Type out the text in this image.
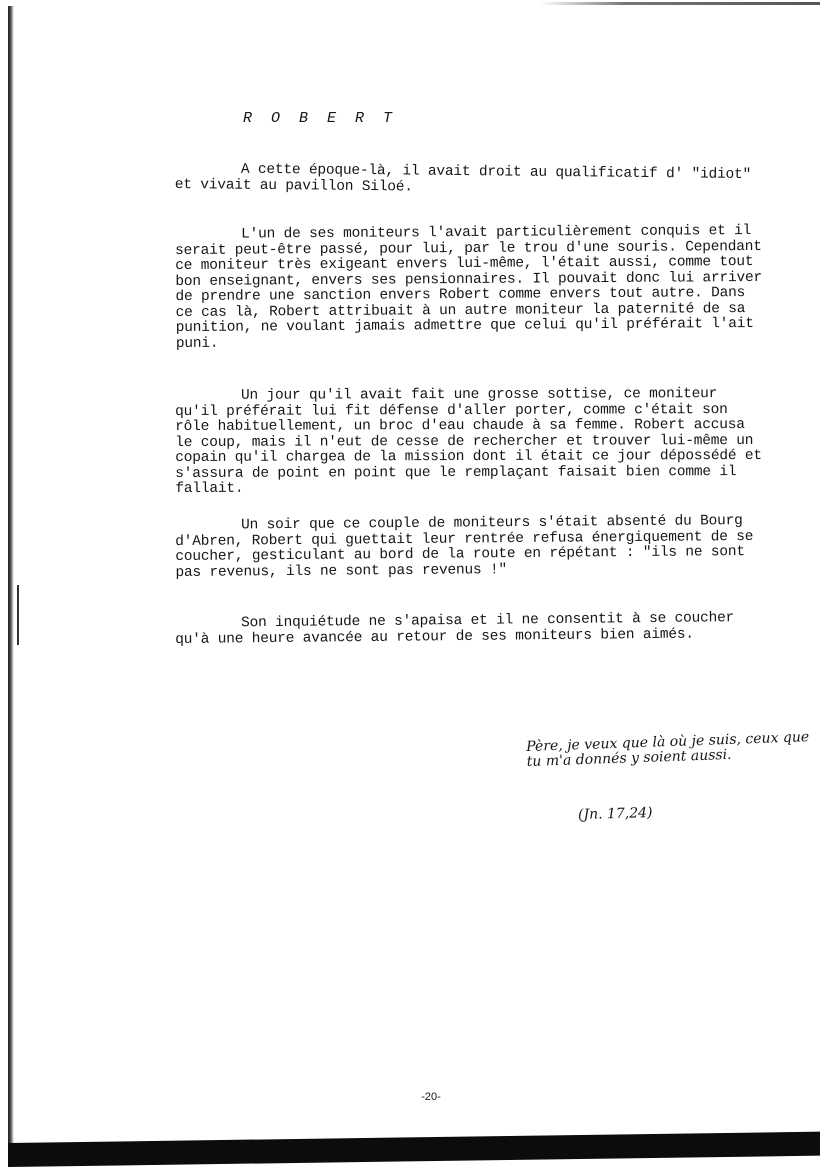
R O B E R T

A cette époque-là, il avait droit au qualificatif d' "idiot" et vivait au pavillon Siloé.

L'un de ses moniteurs l'avait particulièrement conquis et il serait peut-être passé, pour lui, par le trou d'une souris. Cependant ce moniteur très exigeant envers lui-même, l'était aussi, comme tout bon enseignant, envers ses pensionnaires. Il pouvait donc lui arriver de prendre une sanction envers Robert comme envers tout autre. Dans ce cas là, Robert attribuait à un autre moniteur la paternité de sa punition, ne voulant jamais admettre que celui qu'il préférait l'ait puni.

Un jour qu'il avait fait une grosse sottise, ce moniteur qu'il préférait lui fit défense d'aller porter, comme c'était son rôle habituellement, un broc d'eau chaude à sa femme. Robert accusa le coup, mais il n'eut de cesse de rechercher et trouver lui-même un copain qu'il chargea de la mission dont il était ce jour dépossédé et s'assura de point en point que le remplaçant faisait bien comme il fallait.

Un soir que ce couple de moniteurs s'était absenté du Bourg d'Abren, Robert qui guettait leur rentrée refusa énergiquement de se coucher, gesticulant au bord de la route en répétant : "ils ne sont pas revenus, ils ne sont pas revenus !"

Son inquiétude ne s'apaisa et il ne consentit à se coucher qu'à une heure avancée au retour de ses moniteurs bien aimés.

Père, je veux que là où je suis, ceux que tu m'a donnés y soient aussi.
(Jn. 17,24)
-20-
